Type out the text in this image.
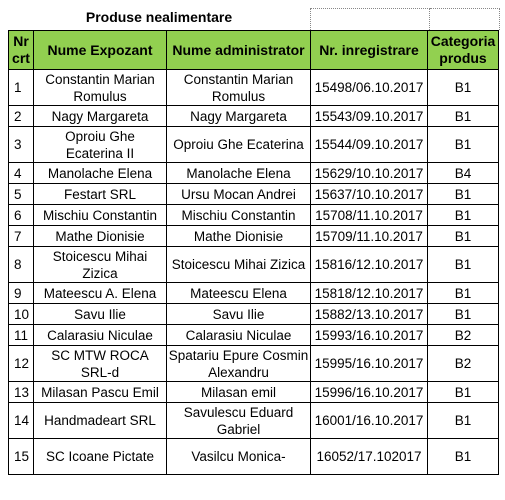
Produse nealimentare
Nr crt	Nume Expozant	Nume administrator	Nr. inregistrare	Categoria produs
1	Constantin Marian Romulus	Constantin Marian Romulus	15498/06.10.2017	B1
2	Nagy Margareta	Nagy Margareta	15543/09.10.2017	B1
3	Oproiu Ghe Ecaterina II	Oproiu Ghe Ecaterina	15544/09.10.2017	B1
4	Manolache Elena	Manolache Elena	15629/10.10.2017	B4
5	Festart SRL	Ursu Mocan Andrei	15637/10.10.2017	B1
6	Mischiu Constantin	Mischiu Constantin	15708/11.10.2017	B1
7	Mathe Dionisie	Mathe Dionisie	15709/11.10.2017	B1
8	Stoicescu Mihai Zizica	Stoicescu Mihai Zizica	15816/12.10.2017	B1
9	Mateescu A. Elena	Mateescu Elena	15818/12.10.2017	B1
10	Savu Ilie	Savu Ilie	15882/13.10.2017	B1
11	Calarasiu Niculae	Calarasiu Niculae	15993/16.10.2017	B2
12	SC MTW ROCA SRL-d	Spatariu Epure Cosmin Alexandru	15995/16.10.2017	B2
13	Milasan Pascu Emil	Milasan emil	15996/16.10.2017	B1
14	Handmadeart SRL	Savulescu Eduard Gabriel	16001/16.10.2017	B1
15	SC Icoane Pictate	Vasilcu Monica-	16052/17.102017	B1
